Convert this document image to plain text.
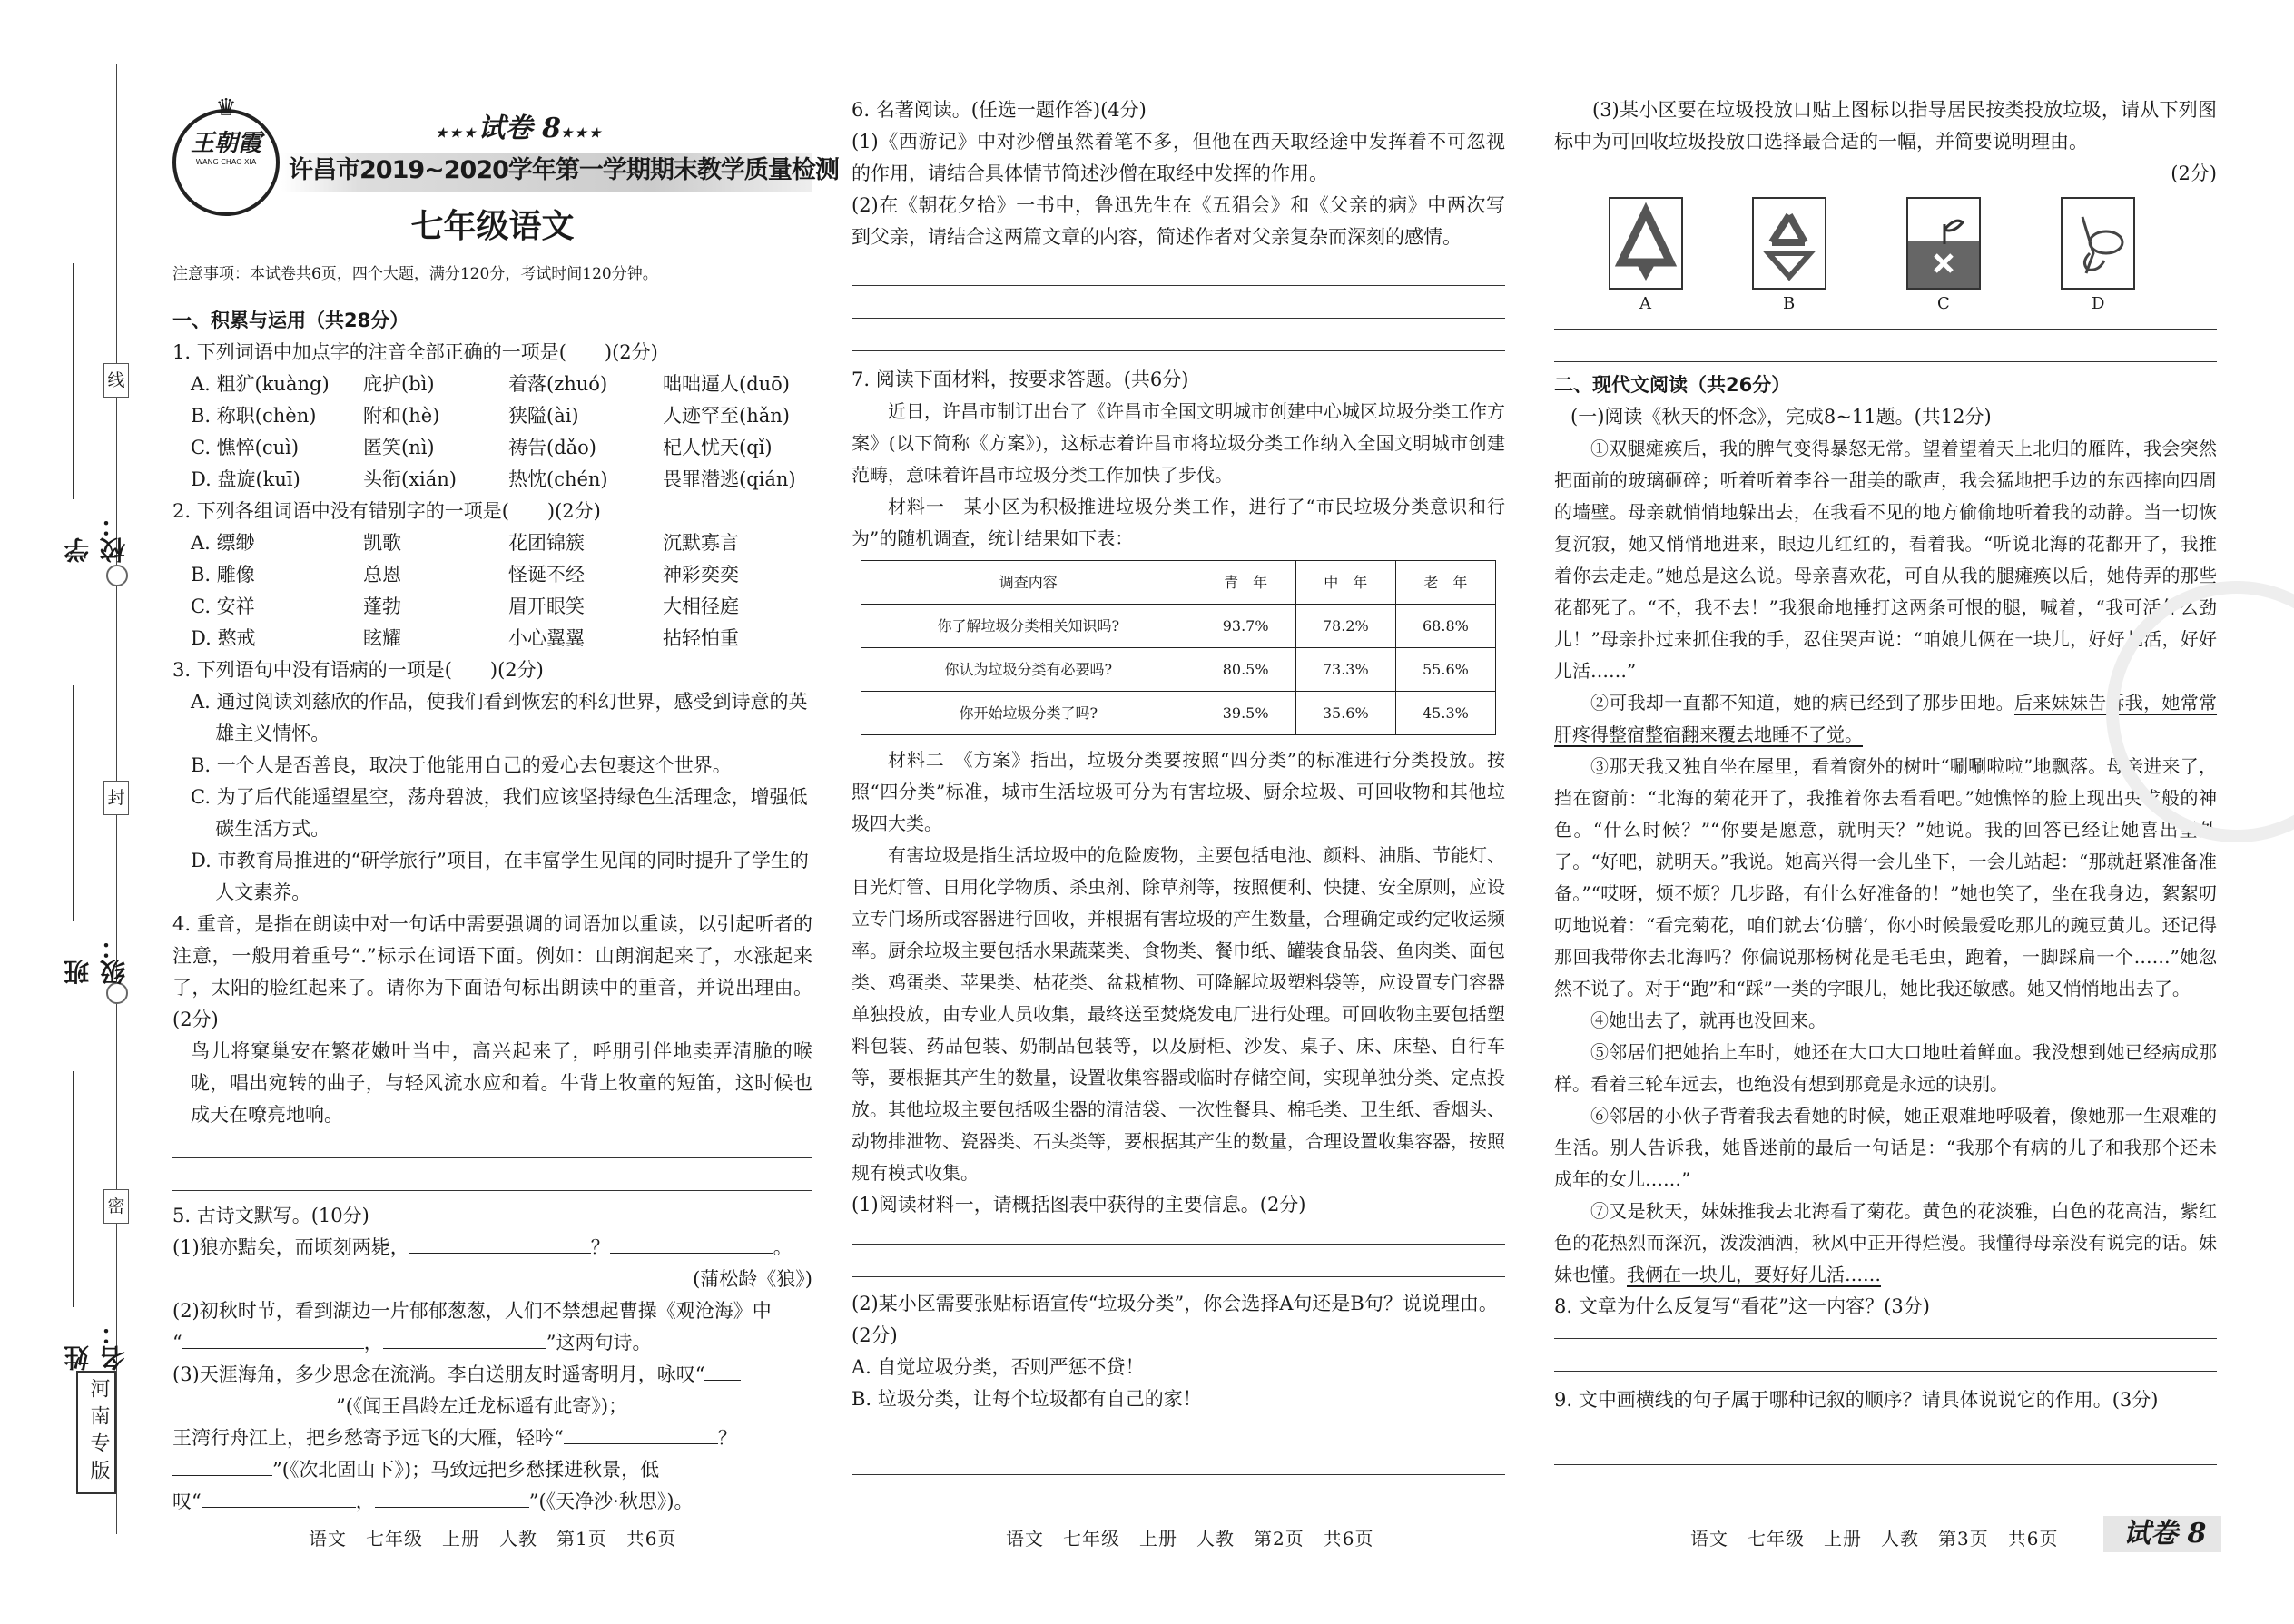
线
封
密
学校：
班级：
姓名：
河南专版
♛
王朝霞
WANG CHAO XIA
★★★试卷 8★★★
许昌市2019~2020学年第一学期期末教学质量检测
七年级语文
注意事项：本试卷共6页，四个大题，满分120分，考试时间120分钟。

一、积累与运用（共28分）

1. 下列词语中加点字的注音全部正确的一项是(　　)(2分)

A. 粗犷(kuàng)	庇护(bì)	着落(zhuó)	咄咄逼人(duō)
B. 称职(chèn)	附和(hè)	狭隘(ài)	人迹罕至(hǎn)
C. 憔悴(cuì)	匿笑(nì)	祷告(dǎo)	杞人忧天(qǐ)
D. 盘旋(kuī)	头衔(xián)	热忱(chén)	畏罪潜逃(qián)

2. 下列各组词语中没有错别字的一项是(　　)(2分)

A. 缥缈	凯歌	花团锦簇	沉默寡言
B. 雕像	总恩	怪诞不经	神彩奕奕
C. 安祥	蓬勃	眉开眼笑	大相径庭
D. 憨戒	眩耀	小心翼翼	拈轻怕重

3. 下列语句中没有语病的一项是(　　)(2分)

A. 通过阅读刘慈欣的作品，使我们看到恢宏的科幻世界，感受到诗意的英雄主义情怀。

B. 一个人是否善良，取决于他能用自己的爱心去包裹这个世界。

C. 为了后代能遥望星空，荡舟碧波，我们应该坚持绿色生活理念，增强低碳生活方式。

D. 市教育局推进的“研学旅行”项目，在丰富学生见闻的同时提升了学生的人文素养。

4. 重音，是指在朗读中对一句话中需要强调的词语加以重读，以引起听者的注意，一般用着重号“.”标示在词语下面。例如：山朗润起来了，水涨起来了，太阳的脸红起来了。请你为下面语句标出朗读中的重音，并说出理由。(2分)

鸟儿将窠巢安在繁花嫩叶当中，高兴起来了，呼朋引伴地卖弄清脆的喉咙，唱出宛转的曲子，与轻风流水应和着。牛背上牧童的短笛，这时候也成天在嘹亮地响。

5. 古诗文默写。(10分)

(1)狼亦黠矣，而顷刻两毙，	？	。

(蒲松龄《狼》)

(2)初秋时节，看到湖边一片郁郁葱葱，人们不禁想起曹操《观沧海》中

“	，	”这两句诗。

(3)天涯海角，多少思念在流淌。李白送朋友时遥寄明月，咏叹“

”(《闻王昌龄左迁龙标遥有此寄》)；

王湾行舟江上，把乡愁寄予远飞的大雁，轻吟“	？

”(《次北固山下》)；马致远把乡愁揉进秋景，低

叹“	，	”(《天净沙·秋思》)。

语文　七年级　上册　人教　第1页　共6页

6. 名著阅读。(任选一题作答)(4分)

(1)《西游记》中对沙僧虽然着笔不多，但他在西天取经途中发挥着不可忽视的作用，请结合具体情节简述沙僧在取经中发挥的作用。

(2)在《朝花夕拾》一书中，鲁迅先生在《五猖会》和《父亲的病》中两次写到父亲，请结合这两篇文章的内容，简述作者对父亲复杂而深刻的感情。

7. 阅读下面材料，按要求答题。(共6分)

近日，许昌市制订出台了《许昌市全国文明城市创建中心城区垃圾分类工作方案》(以下简称《方案》)，这标志着许昌市将垃圾分类工作纳入全国文明城市创建范畴，意味着许昌市垃圾分类工作加快了步伐。

材料一　某小区为积极推进垃圾分类工作，进行了“市民垃圾分类意识和行为”的随机调查，统计结果如下表：

调查内容	青　年	中　年	老　年
你了解垃圾分类相关知识吗?	93.7%	78.2%	68.8%
你认为垃圾分类有必要吗?	80.5%	73.3%	55.6%
你开始垃圾分类了吗?	39.5%	35.6%	45.3%

材料二　《方案》指出，垃圾分类要按照“四分类”的标准进行分类投放。按照“四分类”标准，城市生活垃圾可分为有害垃圾、厨余垃圾、可回收物和其他垃圾四大类。

有害垃圾是指生活垃圾中的危险废物，主要包括电池、颜料、油脂、节能灯、日光灯管、日用化学物质、杀虫剂、除草剂等，按照便利、快捷、安全原则，应设立专门场所或容器进行回收，并根据有害垃圾的产生数量，合理确定或约定收运频率。厨余垃圾主要包括水果蔬菜类、食物类、餐巾纸、罐装食品袋、鱼肉类、面包类、鸡蛋类、苹果类、枯花类、盆栽植物、可降解垃圾塑料袋等，应设置专门容器单独投放，由专业人员收集，最终送至焚烧发电厂进行处理。可回收物主要包括塑料包装、药品包装、奶制品包装等，以及厨柜、沙发、桌子、床、床垫、自行车等，要根据其产生的数量，设置收集容器或临时存储空间，实现单独分类、定点投放。其他垃圾主要包括吸尘器的清洁袋、一次性餐具、棉毛类、卫生纸、香烟头、动物排泄物、瓷器类、石头类等，要根据其产生的数量，合理设置收集容器，按照规有模式收集。

(1)阅读材料一，请概括图表中获得的主要信息。(2分)

(2)某小区需要张贴标语宣传“垃圾分类”，你会选择A句还是B句？说说理由。(2分)

A. 自觉垃圾分类，否则严惩不贷！

B. 垃圾分类，让每个垃圾都有自己的家！

语文　七年级　上册　人教　第2页　共6页

(3)某小区要在垃圾投放口贴上图标以指导居民按类投放垃圾，请从下列图标中为可回收垃圾投放口选择最合适的一幅，并简要说明理由。

(2分)

A	B	C	D

二、现代文阅读（共26分）

(一)阅读《秋天的怀念》，完成8~11题。(共12分)

①双腿瘫痪后，我的脾气变得暴怒无常。望着望着天上北归的雁阵，我会突然把面前的玻璃砸碎；听着听着李谷一甜美的歌声，我会猛地把手边的东西摔向四周的墙壁。母亲就悄悄地躲出去，在我看不见的地方偷偷地听着我的动静。当一切恢复沉寂，她又悄悄地进来，眼边儿红红的，看着我。“听说北海的花都开了，我推着你去走走。”她总是这么说。母亲喜欢花，可自从我的腿瘫痪以后，她侍弄的那些花都死了。“不，我不去！”我狠命地捶打这两条可恨的腿，喊着，“我可活什么劲儿！”母亲扑过来抓住我的手，忍住哭声说：“咱娘儿俩在一块儿，好好儿活，好好儿活……”

②可我却一直都不知道，她的病已经到了那步田地。后来妹妹告诉我，她常常肝疼得整宿整宿翻来覆去地睡不了觉。

③那天我又独自坐在屋里，看着窗外的树叶“唰唰啦啦”地飘落。母亲进来了，挡在窗前：“北海的菊花开了，我推着你去看看吧。”她憔悴的脸上现出央求般的神色。“什么时候？”“你要是愿意，就明天？”她说。我的回答已经让她喜出望外了。“好吧，就明天。”我说。她高兴得一会儿坐下，一会儿站起：“那就赶紧准备准备。”“哎呀，烦不烦？几步路，有什么好准备的！”她也笑了，坐在我身边，絮絮叨叨地说着：“看完菊花，咱们就去‘仿膳’，你小时候最爱吃那儿的豌豆黄儿。还记得那回我带你去北海吗？你偏说那杨树花是毛毛虫，跑着，一脚踩扁一个……”她忽然不说了。对于“跑”和“踩”一类的字眼儿，她比我还敏感。她又悄悄地出去了。

④她出去了，就再也没回来。

⑤邻居们把她抬上车时，她还在大口大口地吐着鲜血。我没想到她已经病成那样。看着三轮车远去，也绝没有想到那竟是永远的诀别。

⑥邻居的小伙子背着我去看她的时候，她正艰难地呼吸着，像她那一生艰难的生活。别人告诉我，她昏迷前的最后一句话是：“我那个有病的儿子和我那个还未成年的女儿……”

⑦又是秋天，妹妹推我去北海看了菊花。黄色的花淡雅，白色的花高洁，紫红色的花热烈而深沉，泼泼洒洒，秋风中正开得烂漫。我懂得母亲没有说完的话。妹妹也懂。我俩在一块儿，要好好儿活……

8. 文章为什么反复写“看花”这一内容？(3分)

9. 文中画横线的句子属于哪种记叙的顺序？请具体说说它的作用。(3分)

语文　七年级　上册　人教　第3页　共6页 试卷 8
